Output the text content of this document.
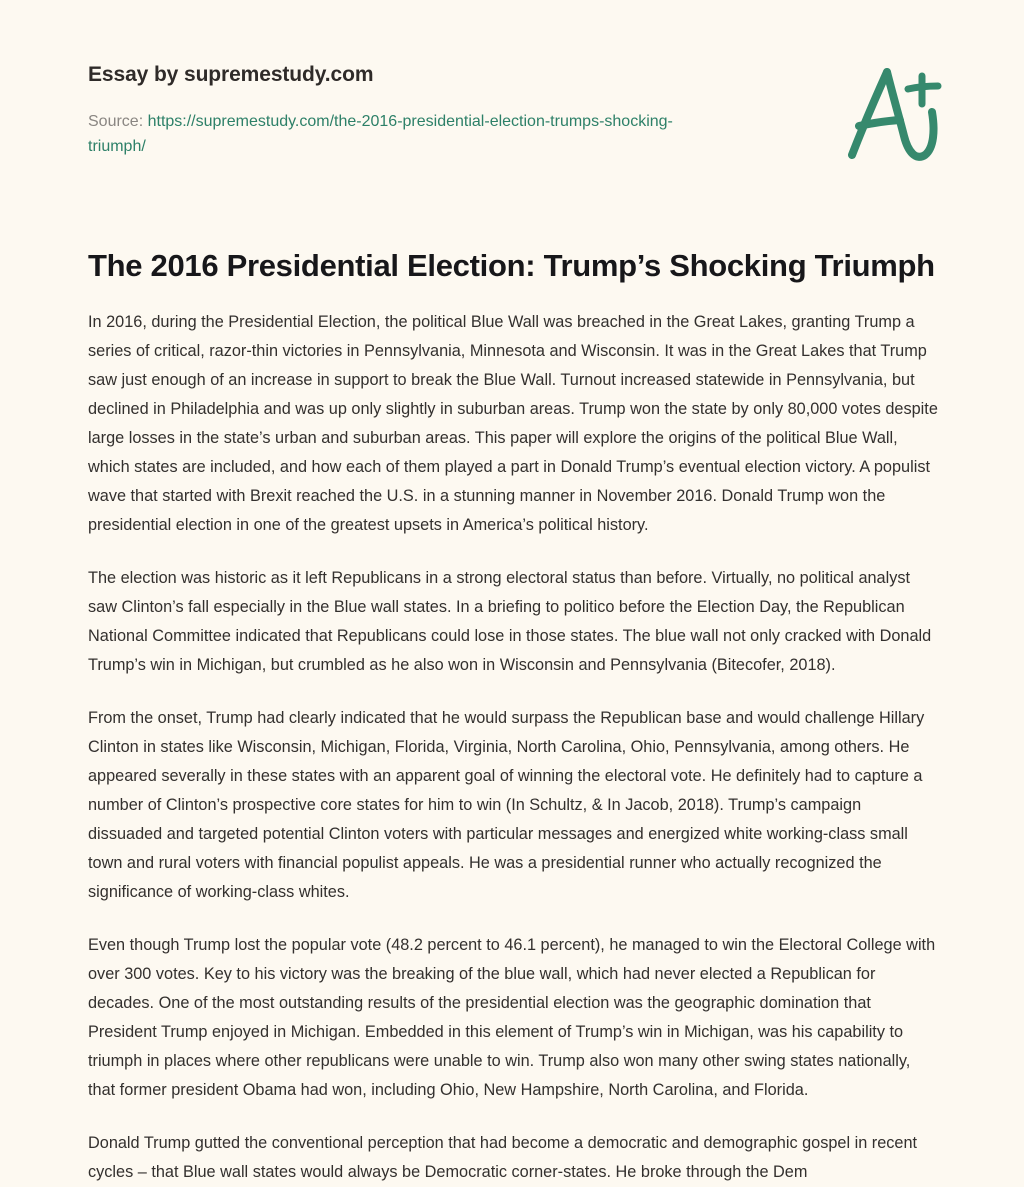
Essay by supremestudy.com

Source: https://supremestudy.com/the-2016-presidential-election-trumps-shocking-triumph/

The 2016 Presidential Election: Trump’s Shocking Triumph

In 2016, during the Presidential Election, the political Blue Wall was breached in the Great Lakes, granting Trump a series of critical, razor-thin victories in Pennsylvania, Minnesota and Wisconsin. It was in the Great Lakes that Trump saw just enough of an increase in support to break the Blue Wall. Turnout increased statewide in Pennsylvania, but declined in Philadelphia and was up only slightly in suburban areas. Trump won the state by only 80,000 votes despite large losses in the state’s urban and suburban areas. This paper will explore the origins of the political Blue Wall, which states are included, and how each of them played a part in Donald Trump’s eventual election victory. A populist wave that started with Brexit reached the U.S. in a stunning manner in November 2016. Donald Trump won the presidential election in one of the greatest upsets in America’s political history.

The election was historic as it left Republicans in a strong electoral status than before. Virtually, no political analyst saw Clinton’s fall especially in the Blue wall states. In a briefing to politico before the Election Day, the Republican National Committee indicated that Republicans could lose in those states. The blue wall not only cracked with Donald Trump’s win in Michigan, but crumbled as he also won in Wisconsin and Pennsylvania (Bitecofer, 2018).

From the onset, Trump had clearly indicated that he would surpass the Republican base and would challenge Hillary Clinton in states like Wisconsin, Michigan, Florida, Virginia, North Carolina, Ohio, Pennsylvania, among others. He appeared severally in these states with an apparent goal of winning the electoral vote. He definitely had to capture a number of Clinton’s prospective core states for him to win (In Schultz, & In Jacob, 2018). Trump’s campaign dissuaded and targeted potential Clinton voters with particular messages and energized white working-class small town and rural voters with financial populist appeals. He was a presidential runner who actually recognized the significance of working-class whites.

Even though Trump lost the popular vote (48.2 percent to 46.1 percent), he managed to win the Electoral College with over 300 votes. Key to his victory was the breaking of the blue wall, which had never elected a Republican for decades. One of the most outstanding results of the presidential election was the geographic domination that President Trump enjoyed in Michigan. Embedded in this element of Trump’s win in Michigan, was his capability to triumph in places where other republicans were unable to win. Trump also won many other swing states nationally, that former president Obama had won, including Ohio, New Hampshire, North Carolina, and Florida.

Donald Trump gutted the conventional perception that had become a democratic and demographic gospel in recent cycles – that Blue wall states would always be Democratic corner-states. He broke through the Dem
